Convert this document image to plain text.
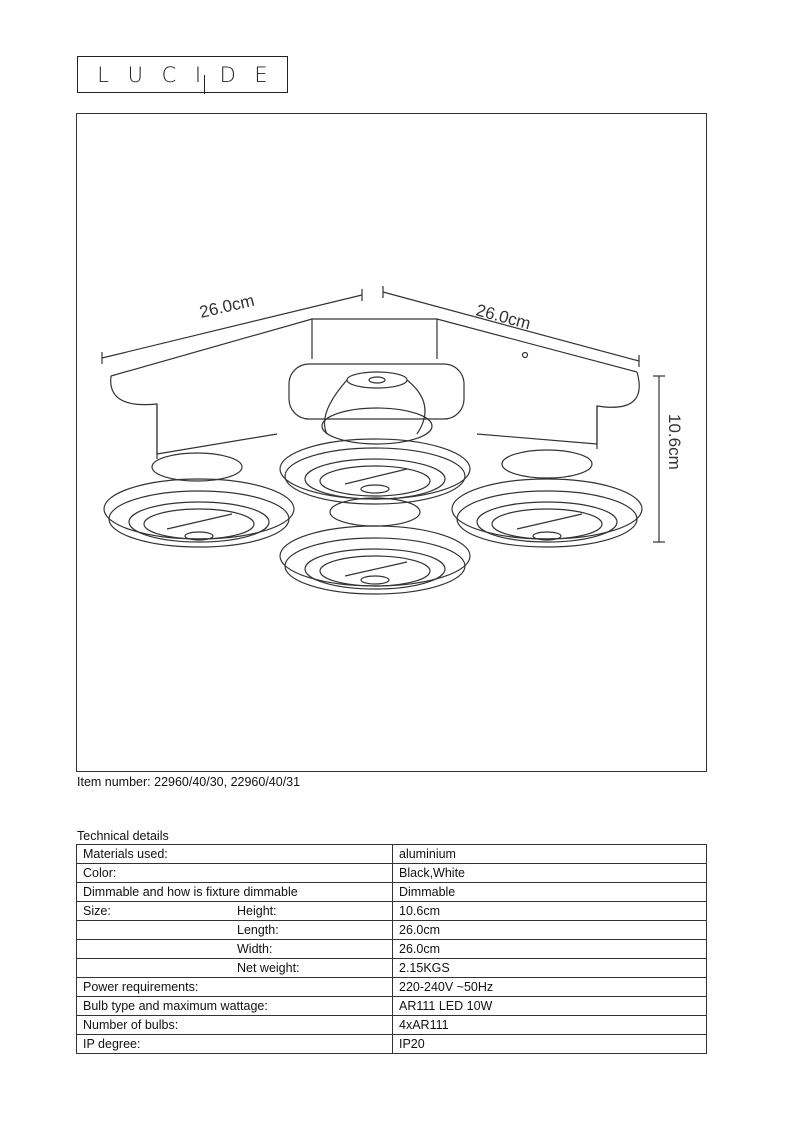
L U C I D E
26.0cm	26.0cm
10.6cm
Item number: 22960/40/30, 22960/40/31
Technical details
Materials used:	aluminium
Color:	Black,White
Dimmable and how is fixture dimmable	Dimmable
Size: Height:	10.6cm

Length:	26.0cm

Width:	26.0cm

Net weight:	2.15KGS
Power requirements:	220-240V ~50Hz
Bulb type and maximum wattage:	AR111 LED 10W
Number of bulbs:	4xAR111
IP degree:	IP20
